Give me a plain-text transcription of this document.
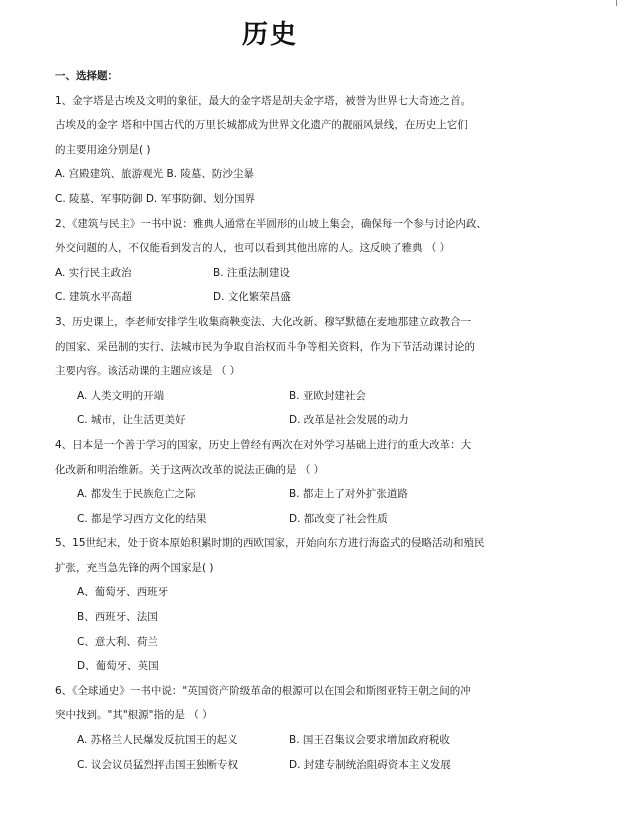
历史
一、选择题：
1、金字塔是古埃及文明的象征，最大的金字塔是胡夫金字塔，被誉为世界七大奇迹之首。
古埃及的金字 塔和中国古代的万里长城都成为世界文化遗产的靓丽风景线，在历史上它们
的主要用途分别是( )
A. 宫殿建筑、旅游观光 B. 陵墓、防沙尘暴
C. 陵墓、军事防御 D. 军事防御、划分国界
2、《建筑与民主》一书中说：雅典人通常在半圆形的山坡上集会，确保每一个参与讨论内政、
外交问题的人，不仅能看到发言的人，也可以看到其他出席的人。这反映了雅典 （ ）
A. 实行民主政治	B. 注重法制建设
C. 建筑水平高超	D. 文化繁荣昌盛
3、历史课上，李老师安排学生收集商鞅变法、大化改新、穆罕默德在麦地那建立政教合一
的国家、采邑制的实行、法城市民为争取自治权而斗争等相关资料，作为下节活动课讨论的
主要内容。该活动课的主题应该是 （ ）
A. 人类文明的开端	B. 亚欧封建社会
C. 城市，让生活更美好	D. 改革是社会发展的动力
4、日本是一个善于学习的国家，历史上曾经有两次在对外学习基础上进行的重大改革：大
化改新和明治维新。关于这两次改革的说法正确的是 （ ）
A. 都发生于民族危亡之际	B. 都走上了对外扩张道路
C. 都是学习西方文化的结果	D. 都改变了社会性质
5、15世纪末，处于资本原始积累时期的西欧国家，开始向东方进行海盗式的侵略活动和殖民
扩张，充当急先锋的两个国家是( )
A、葡萄牙、西班牙
B、西班牙、法国
C、意大利、荷兰
D、葡萄牙、英国
6、《全球通史》一书中说："英国资产阶级革命的根源可以在国会和斯图亚特王朝之间的冲
突中找到。"其"根源"指的是 （ ）
A. 苏格兰人民爆发反抗国王的起义	B. 国王召集议会要求增加政府税收
C. 议会议员猛烈抨击国王独断专权	D. 封建专制统治阻碍资本主义发展
